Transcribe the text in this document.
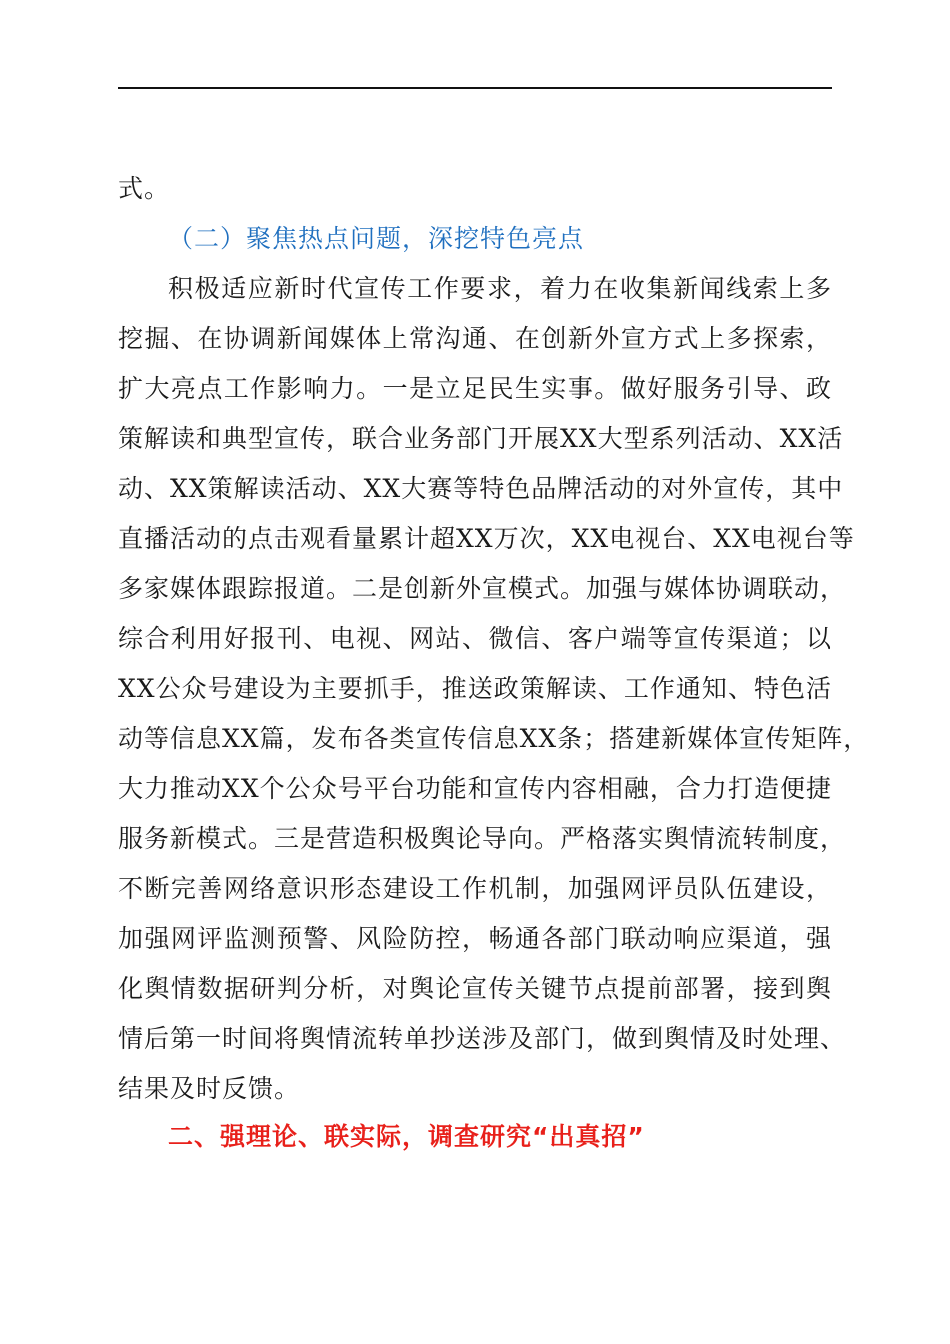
式。
（二）聚焦热点问题，深挖特色亮点
积极适应新时代宣传工作要求，着力在收集新闻线索上多
挖掘、在协调新闻媒体上常沟通、在创新外宣方式上多探索，
扩大亮点工作影响力。一是立足民生实事。做好服务引导、政
策解读和典型宣传，联合业务部门开展XX大型系列活动、XX活
动、XX策解读活动、XX大赛等特色品牌活动的对外宣传，其中
直播活动的点击观看量累计超XX万次，XX电视台、XX电视台等
多家媒体跟踪报道。二是创新外宣模式。加强与媒体协调联动，
综合利用好报刊、电视、网站、微信、客户端等宣传渠道；以
XX公众号建设为主要抓手，推送政策解读、工作通知、特色活
动等信息XX篇，发布各类宣传信息XX条；搭建新媒体宣传矩阵，
大力推动XX个公众号平台功能和宣传内容相融，合力打造便捷
服务新模式。三是营造积极舆论导向。严格落实舆情流转制度，
不断完善网络意识形态建设工作机制，加强网评员队伍建设，
加强网评监测预警、风险防控，畅通各部门联动响应渠道，强
化舆情数据研判分析，对舆论宣传关键节点提前部署，接到舆
情后第一时间将舆情流转单抄送涉及部门，做到舆情及时处理、
结果及时反馈。
二、强理论、联实际，调查研究“出真招”
